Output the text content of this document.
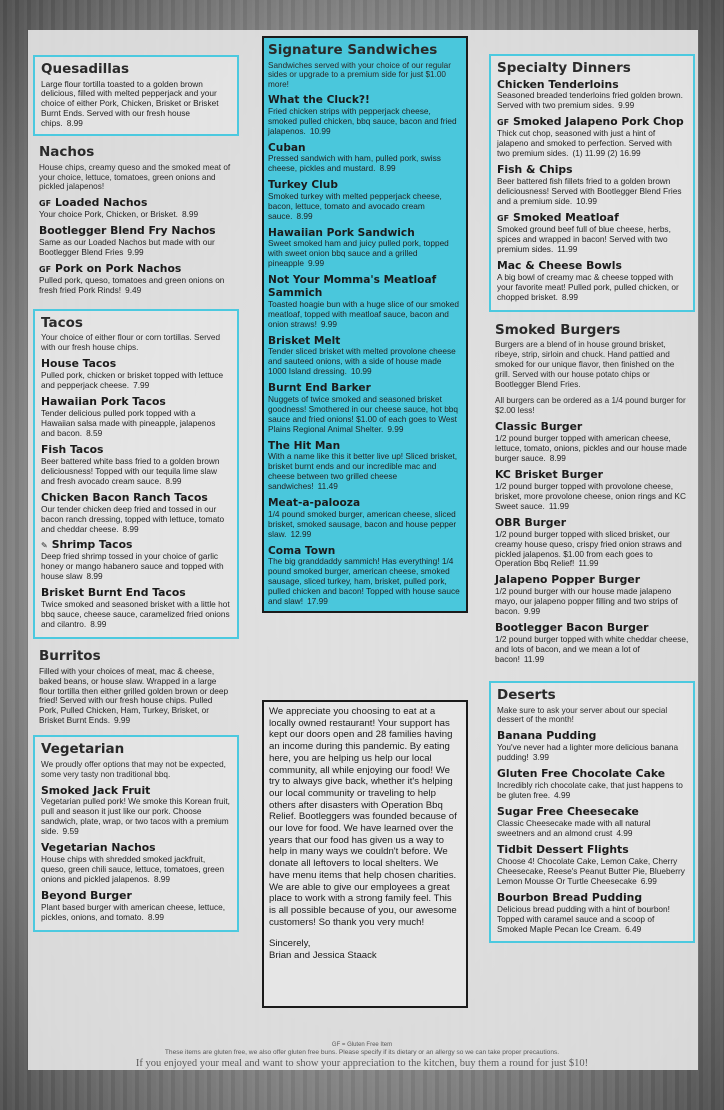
Quesadillas
Large flour tortilla toasted to a golden brown delicious, filled with melted pepperjack and your choice of either Pork, Chicken, Brisket or Brisket Burnt Ends. Served with our fresh house chips. 8.99
Nachos
House chips, creamy queso and the smoked meat of your choice, lettuce, tomatoes, green onions and pickled jalapenos!
GF Loaded Nachos
Your choice Pork, Chicken, or Brisket. 8.99
Bootlegger Blend Fry Nachos
Same as our Loaded Nachos but made with our Bootlegger Blend Fries 9.99
GF Pork on Pork Nachos
Pulled pork, queso, tomatoes and green onions on fresh fried Pork Rinds! 9.49
Tacos
Your choice of either flour or corn tortillas. Served with our fresh house chips.
House Tacos
Pulled pork, chicken or brisket topped with lettuce and pepperjack cheese. 7.99
Hawaiian Pork Tacos
Tender delicious pulled pork topped with a Hawaiian salsa made with pineapple, jalapenos and bacon. 8.59
Fish Tacos
Beer battered white bass fried to a golden brown deliciousness! Topped with our tequila lime slaw and fresh avocado cream sauce. 8.99
Chicken Bacon Ranch Tacos
Our tender chicken deep fried and tossed in our bacon ranch dressing, topped with lettuce, tomato and cheddar cheese. 8.99
✎ Shrimp Tacos
Deep fried shrimp tossed in your choice of garlic honey or mango habanero sauce and topped with house slaw 8.99
Brisket Burnt End Tacos
Twice smoked and seasoned brisket with a little hot bbq sauce, cheese sauce, caramelized fried onions and cilantro. 8.99
Burritos
Filled with your choices of meat, mac & cheese, baked beans, or house slaw. Wrapped in a large flour tortilla then either grilled golden brown or deep fried! Served with our fresh house chips. Pulled Pork, Pulled Chicken, Ham, Turkey, Brisket, or Brisket Burnt Ends. 9.99
Vegetarian
We proudly offer options that may not be expected, some very tasty non traditional bbq.
Smoked Jack Fruit
Vegetarian pulled pork! We smoke this Korean fruit, pull and season it just like our pork. Choose sandwich, plate, wrap, or two tacos with a premium side. 9.59
Vegetarian Nachos
House chips with shredded smoked jackfruit, queso, green chili sauce, lettuce, tomatoes, green onions and pickled jalapenos. 8.99
Beyond Burger
Plant based burger with american cheese, lettuce, pickles, onions, and tomato. 8.99
Signature Sandwiches
Sandwiches served with your choice of our regular sides or upgrade to a premium side for just $1.00 more!
What the Cluck?!
Fried chicken strips with pepperjack cheese, smoked pulled chicken, bbq sauce, bacon and fried jalapenos. 10.99
Cuban
Pressed sandwich with ham, pulled pork, swiss cheese, pickles and mustard. 8.99
Turkey Club
Smoked turkey with melted pepperjack cheese, bacon, lettuce, tomato and avocado cream sauce. 8.99
Hawaiian Pork Sandwich
Sweet smoked ham and juicy pulled pork, topped with sweet onion bbq sauce and a grilled pineapple 9.99
Not Your Momma's Meatloaf Sammich
Toasted hoagie bun with a huge slice of our smoked meatloaf, topped with meatloaf sauce, bacon and onion straws! 9.99
Brisket Melt
Tender sliced brisket with melted provolone cheese and sauteed onions, with a side of house made 1000 Island dressing. 10.99
Burnt End Barker
Nuggets of twice smoked and seasoned brisket goodness! Smothered in our cheese sauce, hot bbq sauce and fried onions! $1.00 of each goes to West Plains Regional Animal Shelter. 9.99
The Hit Man
With a name like this it better live up! Sliced brisket, brisket burnt ends and our incredible mac and cheese between two grilled cheese sandwiches! 11.49
Meat-a-palooza
1/4 pound smoked burger, american cheese, sliced brisket, smoked sausage, bacon and house pepper slaw. 12.99
Coma Town
The big granddaddy sammich! Has everything! 1/4 pound smoked burger, american cheese, smoked sausage, sliced turkey, ham, brisket, pulled pork, pulled chicken and bacon! Topped with house sauce and slaw! 17.99
We appreciate you choosing to eat at a locally owned restaurant! Your support has kept our doors open and 28 families having an income during this pandemic. By eating here, you are helping us help our local community, all while enjoying our food! We try to always give back, whether it's helping our local community or traveling to help others after disasters with Operation Bbq Relief. Bootleggers was founded because of our love for food. We have learned over the years that our food has given us a way to help in many ways we couldn't before. We donate all leftovers to local shelters. We have menu items that help chosen charities. We are able to give our employees a great place to work with a strong family feel. This is all possible because of you, our awesome customers! So thank you very much!
Sincerely,
Brian and Jessica Staack
Specialty Dinners
Chicken Tenderloins
Seasoned breaded tenderloins fried golden brown. Served with two premium sides. 9.99
GF Smoked Jalapeno Pork Chop
Thick cut chop, seasoned with just a hint of jalapeno and smoked to perfection. Served with two premium sides. (1) 11.99 (2) 16.99
Fish & Chips
Beer battered fish fillets fried to a golden brown deliciousness! Served with Bootlegger Blend Fries and a premium side. 10.99
GF Smoked Meatloaf
Smoked ground beef full of blue cheese, herbs, spices and wrapped in bacon! Served with two premium sides. 11.99
Mac & Cheese Bowls
A big bowl of creamy mac & cheese topped with your favorite meat! Pulled pork, pulled chicken, or chopped brisket. 8.99
Smoked Burgers
Burgers are a blend of in house ground brisket, ribeye, strip, sirloin and chuck. Hand pattied and smoked for our unique flavor, then finished on the grill. Served with our house potato chips or Bootlegger Blend Fries.
All burgers can be ordered as a 1/4 pound burger for $2.00 less!
Classic Burger
1/2 pound burger topped with american cheese, lettuce, tomato, onions, pickles and our house made burger sauce. 8.99
KC Brisket Burger
1/2 pound burger topped with provolone cheese, brisket, more provolone cheese, onion rings and KC Sweet sauce. 11.99
OBR Burger
1/2 pound burger topped with sliced brisket, our creamy house queso, crispy fried onion straws and pickled jalapenos. $1.00 from each goes to Operation Bbq Relief! 11.99
Jalapeno Popper Burger
1/2 pound burger with our house made jalapeno mayo, our jalapeno popper filling and two strips of bacon. 9.99
Bootlegger Bacon Burger
1/2 pound burger topped with white cheddar cheese, and lots of bacon, and we mean a lot of bacon! 11.99
Deserts
Make sure to ask your server about our special dessert of the month!
Banana Pudding
You've never had a lighter more delicious banana pudding! 3.99
Gluten Free Chocolate Cake
Incredibly rich chocolate cake, that just happens to be gluten free. 4.99
Sugar Free Cheesecake
Classic Cheesecake made with all natural sweetners and an almond crust 4.99
Tidbit Dessert Flights
Choose 4! Chocolate Cake, Lemon Cake, Cherry Cheesecake, Reese's Peanut Butter Pie, Blueberry Lemon Mousse Or Turtle Cheesecake 6.99
Bourbon Bread Pudding
Delicious bread pudding with a hint of bourbon! Topped with caramel sauce and a scoop of Smoked Maple Pecan Ice Cream. 6.49
GF = Gluten Free Item
These items are gluten free, we also offer gluten free buns. Please specify if its dietary or an allergy so we can take proper precautions.
If you enjoyed your meal and want to show your appreciation to the kitchen, buy them a round for just $10!
